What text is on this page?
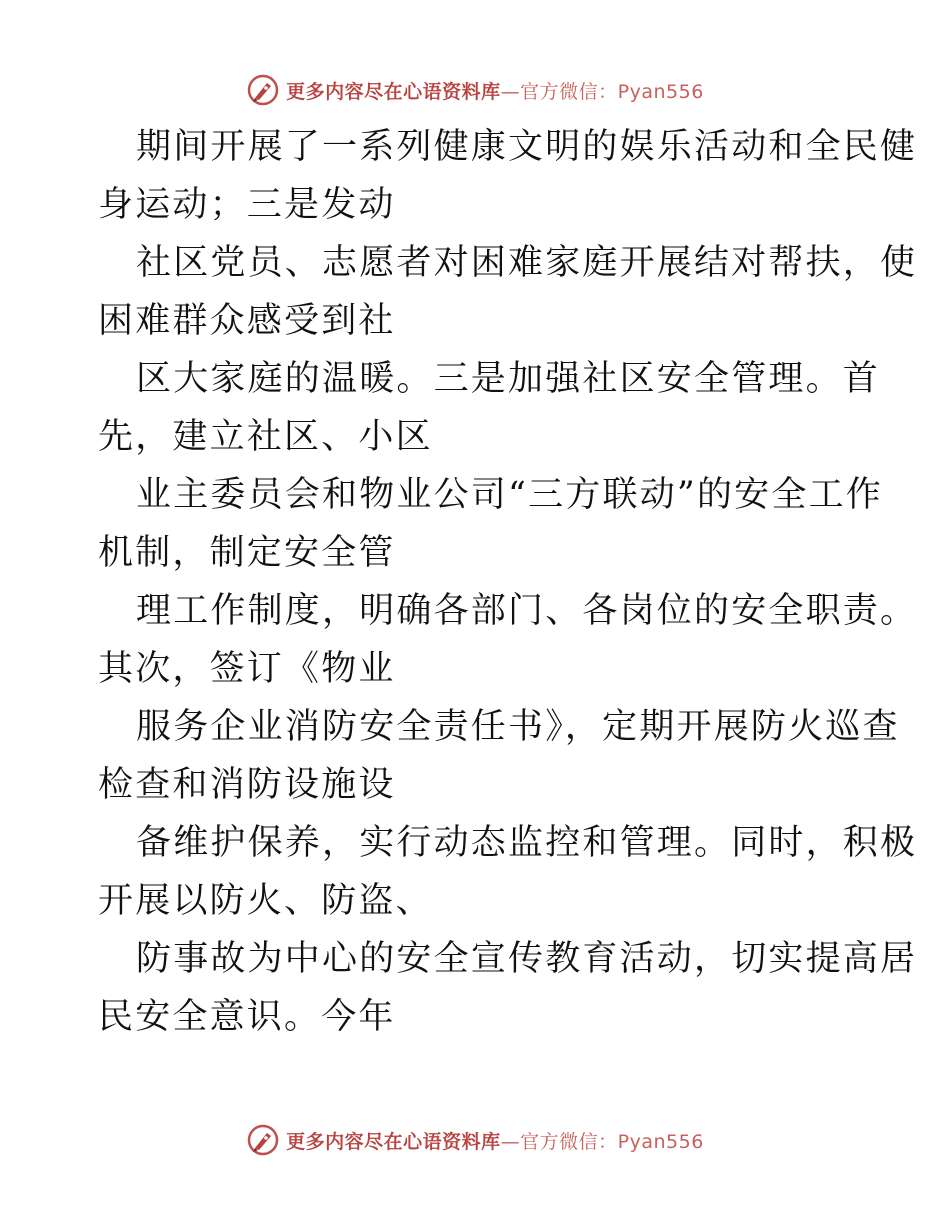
更多内容尽在心语资料库—官方微信：Pyan556
期间开展了一系列健康文明的娱乐活动和全民健
身运动；三是发动
社区党员、志愿者对困难家庭开展结对帮扶，使
困难群众感受到社
区大家庭的温暖。三是加强社区安全管理。首
先，建立社区、小区
业主委员会和物业公司“三方联动”的安全工作
机制，制定安全管
理工作制度，明确各部门、各岗位的安全职责。
其次，签订《物业
服务企业消防安全责任书》，定期开展防火巡查
检查和消防设施设
备维护保养，实行动态监控和管理。同时，积极
开展以防火、防盗、
防事故为中心的安全宣传教育活动，切实提高居
民安全意识。今年
更多内容尽在心语资料库—官方微信：Pyan556
